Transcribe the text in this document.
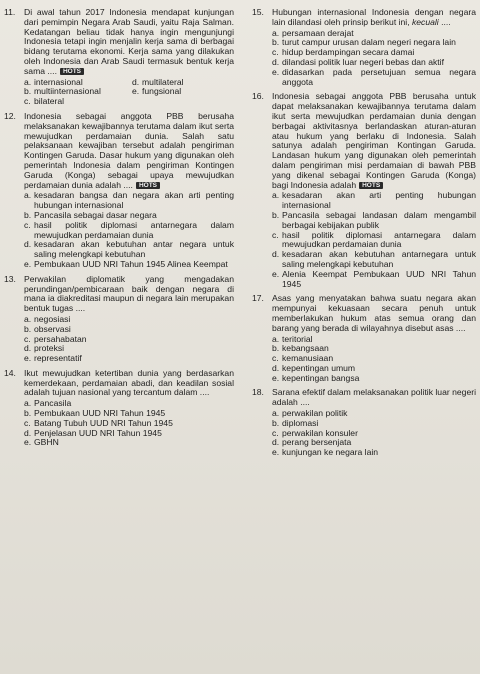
11. Di awal tahun 2017 Indonesia mendapat kunjungan dari pemimpin Negara Arab Saudi, yaitu Raja Salman. Kedatangan beliau tidak hanya ingin mengunjungi Indonesia tetapi ingin menjalin kerja sama di berbagai bidang terutama ekonomi. Kerja sama yang dilakukan oleh Indonesia dan Arab Saudi termasuk bentuk kerja sama .... HOTS
a. internasional	d. multilateral
b. multiinternasional	e. fungsional
c. bilateral
12. Indonesia sebagai anggota PBB berusaha melaksanakan kewajibannya terutama dalam ikut serta mewujudkan perdamaian dunia. Salah satu pelaksanaan kewajiban tersebut adalah pengiriman Kontingen Garuda. Dasar hukum yang digunakan oleh pemerintah Indonesia dalam pengiriman Kontingen Garuda (Konga) sebagai upaya mewujudkan perdamaian dunia adalah .... HOTS
a. kesadaran bangsa dan negara akan arti penting hubungan internasional
b. Pancasila sebagai dasar negara
c. hasil politik diplomasi antarnegara dalam mewujudkan perdamaian dunia
d. kesadaran akan kebutuhan antar negara untuk saling melengkapi kebutuhan
e. Pembukaan UUD NRI Tahun 1945 Alinea Keempat
13. Perwakilan diplomatik yang mengadakan perundingan/pembicaraan baik dengan negara di mana ia diakreditasi maupun di negara lain merupakan bentuk tugas ....
a. negosiasi
b. observasi
c. persahabatan
d. proteksi
e. representatif
14. Ikut mewujudkan ketertiban dunia yang berdasarkan kemerdekaan, perdamaian abadi, dan keadilan sosial adalah tujuan nasional yang tercantum dalam ....
a. Pancasila
b. Pembukaan UUD NRI Tahun 1945
c. Batang Tubuh UUD NRI Tahun 1945
d. Penjelasan UUD NRI Tahun 1945
e. GBHN
15. Hubungan internasional Indonesia dengan negara lain dilandasi oleh prinsip berikut ini, kecuali ....
a. persamaan derajat
b. turut campur urusan dalam negeri negara lain
c. hidup berdampingan secara damai
d. dilandasi politik luar negeri bebas dan aktif
e. didasarkan pada persetujuan semua negara anggota
16. Indonesia sebagai anggota PBB berusaha untuk dapat melaksanakan kewajibannya terutama dalam ikut serta mewujudkan perdamaian dunia dengan berbagai aktivitasnya berlandaskan aturan-aturan atau hukum yang berlaku di Indonesia. Salah satunya adalah pengiriman Kontingan Garuda. Landasan hukum yang digunakan oleh pemerintah dalam pengiriman misi perdamaian di bawah PBB yang dikenal sebagai Kontingen Garuda (Konga) bagi Indonesia adalah HOTS
a. kesadaran akan arti penting hubungan internasional
b. Pancasila sebagai landasan dalam mengambil berbagai kebijakan publik
c. hasil politik diplomasi antarnegara dalam mewujudkan perdamaian dunia
d. kesadaran akan kebutuhan antarnegara untuk saling melengkapi kebutuhan
e. Alenia Keempat Pembukaan UUD NRI Tahun 1945
17. Asas yang menyatakan bahwa suatu negara akan mempunyai kekuasaan secara penuh untuk memberlakukan hukum atas semua orang dan barang yang berada di wilayahnya disebut asas ....
a. teritorial
b. kebangsaan
c. kemanusiaan
d. kepentingan umum
e. kepentingan bangsa
18. Sarana efektif dalam melaksanakan politik luar negeri adalah ....
a. perwakilan politik
b. diplomasi
c. perwakilan konsuler
d. perang bersenjata
e. kunjungan ke negara lain
